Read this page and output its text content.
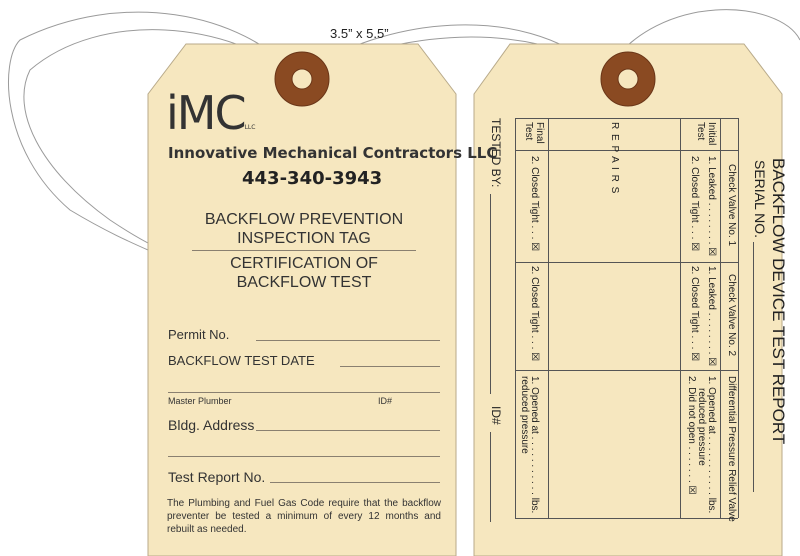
3.5” x 5.5”
iMCLLC
Innovative Mechanical Contractors LLC
443-340-3943
BACKFLOW PREVENTION
INSPECTION TAG
CERTIFICATION OF
BACKFLOW TEST
Permit No.
BACKFLOW TEST DATE
Master Plumber	ID#
Bldg. Address
Test Report No.
The Plumbing and Fuel Gas Code require that the backflow preventer be tested a minimum of every 12 months and rebuilt as needed.
BACKFLOW DEVICE TEST REPORT
SERIAL NO.
Initial Test
R E P A I R S
Final Test
Check Valve No. 1
1. Leaked . . . . . . . . ☒
2. Closed Tight . . . ☒
2. Closed Tight . . . ☒
Check Valve No. 2
1. Leaked . . . . . . . . ☒
2. Closed Tight . . . ☒
2. Closed Tight . . . ☒
Differential Pressure Relief Valve
1. Opened at . . . . . . . . . . . lbs.
reduced pressure
2. Did not open . . . . . . . ☒
1. Opened at . . . . . . . . . . . lbs.
reduced pressure
TESTED BY:
ID#
